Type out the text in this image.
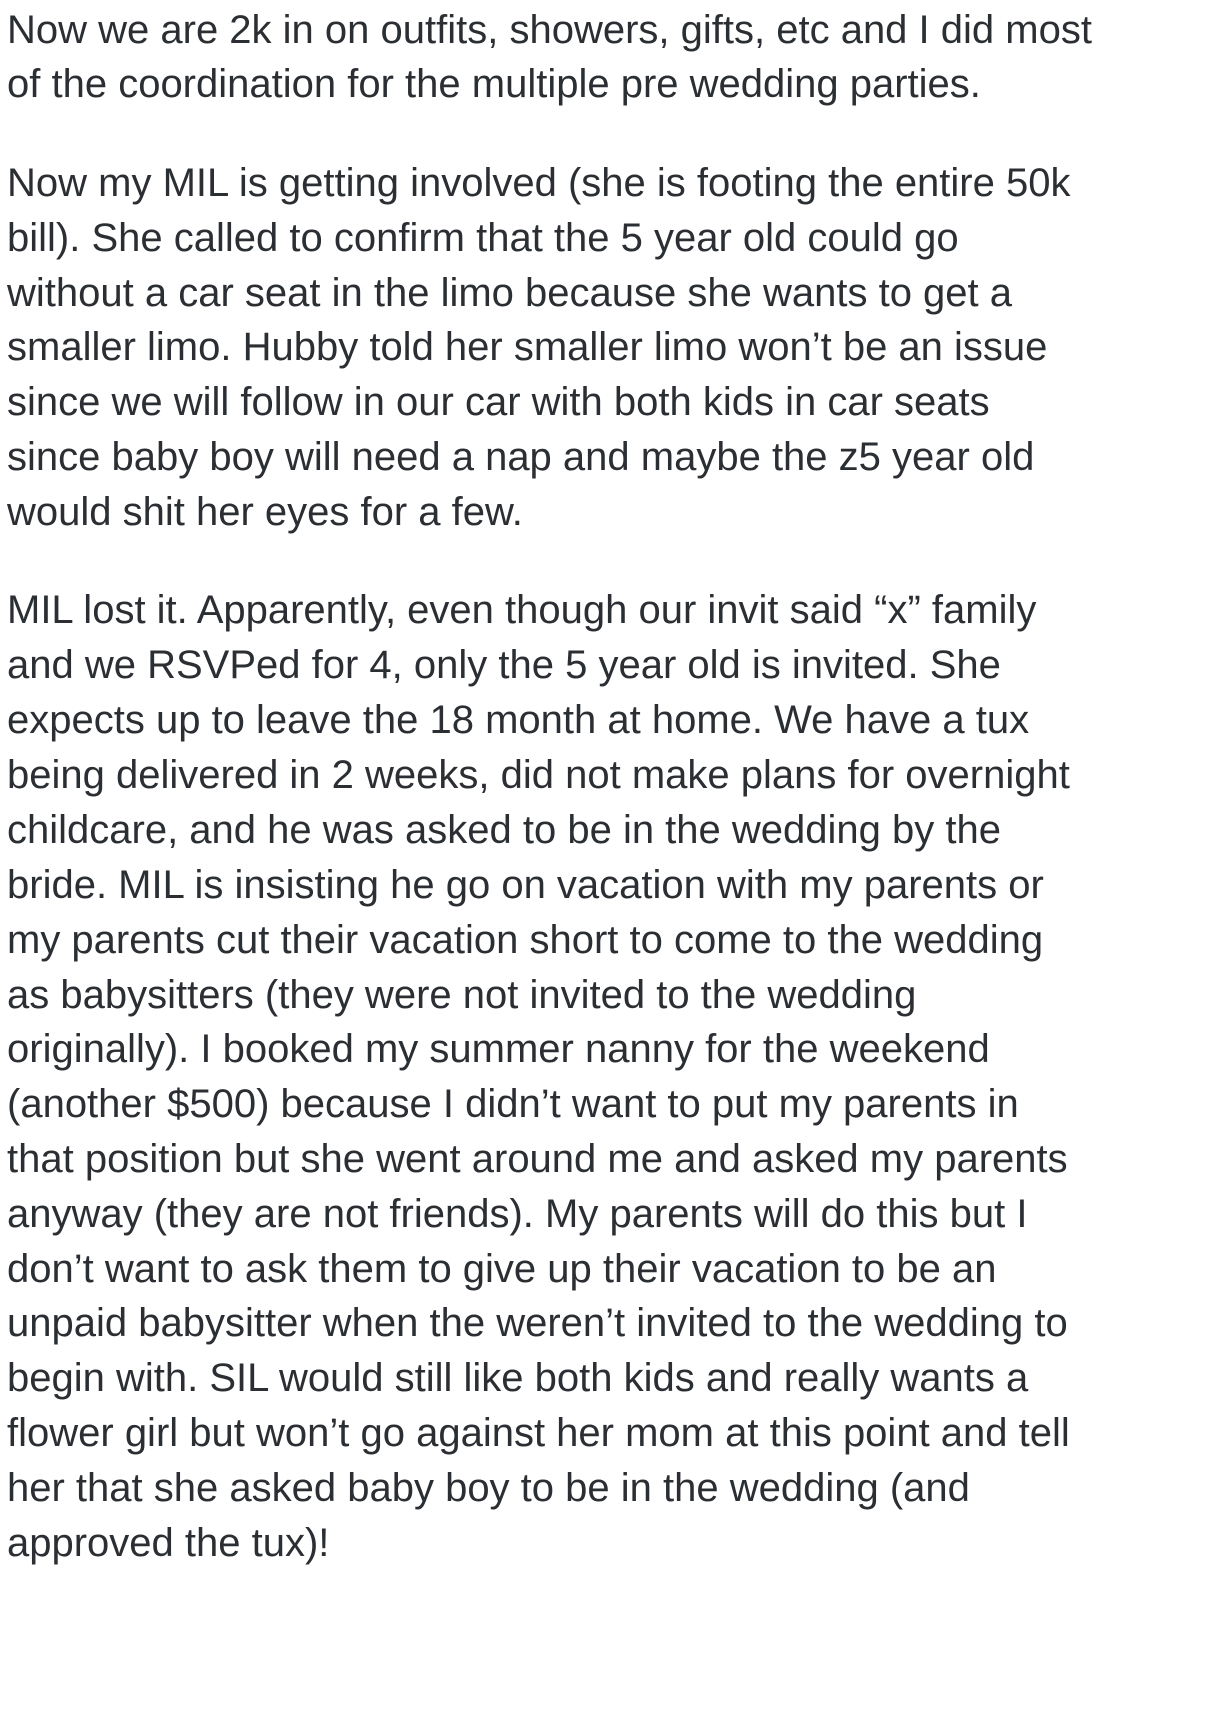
Now we are 2k in on outfits, showers, gifts, etc and I did most
of the coordination for the multiple pre wedding parties.
Now my MIL is getting involved (she is footing the entire 50k
bill). She called to confirm that the 5 year old could go
without a car seat in the limo because she wants to get a
smaller limo. Hubby told her smaller limo won’t be an issue
since we will follow in our car with both kids in car seats
since baby boy will need a nap and maybe the z5 year old
would shit her eyes for a few.
MIL lost it. Apparently, even though our invit said “x” family
and we RSVPed for 4, only the 5 year old is invited. She
expects up to leave the 18 month at home. We have a tux
being delivered in 2 weeks, did not make plans for overnight
childcare, and he was asked to be in the wedding by the
bride. MIL is insisting he go on vacation with my parents or
my parents cut their vacation short to come to the wedding
as babysitters (they were not invited to the wedding
originally). I booked my summer nanny for the weekend
(another $500) because I didn’t want to put my parents in
that position but she went around me and asked my parents
anyway (they are not friends). My parents will do this but I
don’t want to ask them to give up their vacation to be an
unpaid babysitter when the weren’t invited to the wedding to
begin with. SIL would still like both kids and really wants a
flower girl but won’t go against her mom at this point and tell
her that she asked baby boy to be in the wedding (and
approved the tux)!
